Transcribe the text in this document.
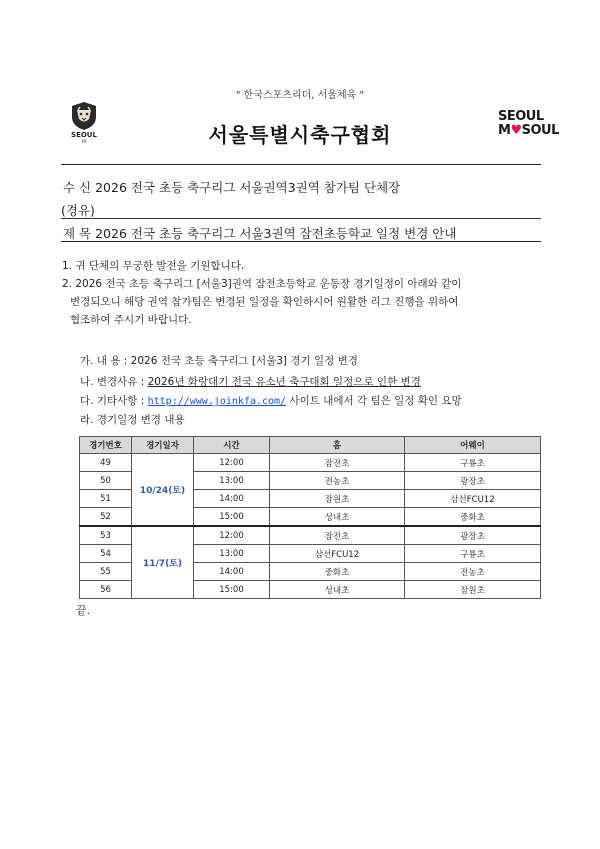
" 한국스포츠리더, 서울체육 "
SEOUL
FA	서울특별시축구협회
SEOUL
M♥SOUL
수 신 2026 전국 초등 축구리그 서울권역3권역 참가팀 단체장
(경유)
제 목 2026 전국 초등 축구리그 서울3권역 잠전초등학교 일정 변경 안내
1. 귀 단체의 무궁한 발전을 기원합니다.
2. 2026 전국 초등 축구리그 [서울3]권역 잠전초등학교 운동장 경기일정이 아래와 같이
변경되오니 해당 권역 참가팀은 변경된 일정을 확인하시어 원활한 리그 진행을 위하여
협조하여 주시기 바랍니다.
가. 내 용 : 2026 전국 초등 축구리그 [서울3] 경기 일정 변경
나. 변경사유 : 2026년 화랑대기 전국 유소년 축구대회 일정으로 인한 변경
다. 기타사항 : http://www.joinkfa.com/ 사이트 내에서 각 팀은 일정 확인 요망
라. 경기일정 변경 내용
경기번호	경기일자	시간	홈	어웨이
49	10/24(토)	12:00	잠전초	구룡초
50		13:00	전농초	광장초
51		14:00	잠원초	삼선FCU12
52		15:00	성내초	중화초
53	11/7(토)	12:00	잠전초	광장초
54		13:00	삼선FCU12	구룡초
55		14:00	중화초	전농초
56		15:00	성내초	잠원초
끝.
